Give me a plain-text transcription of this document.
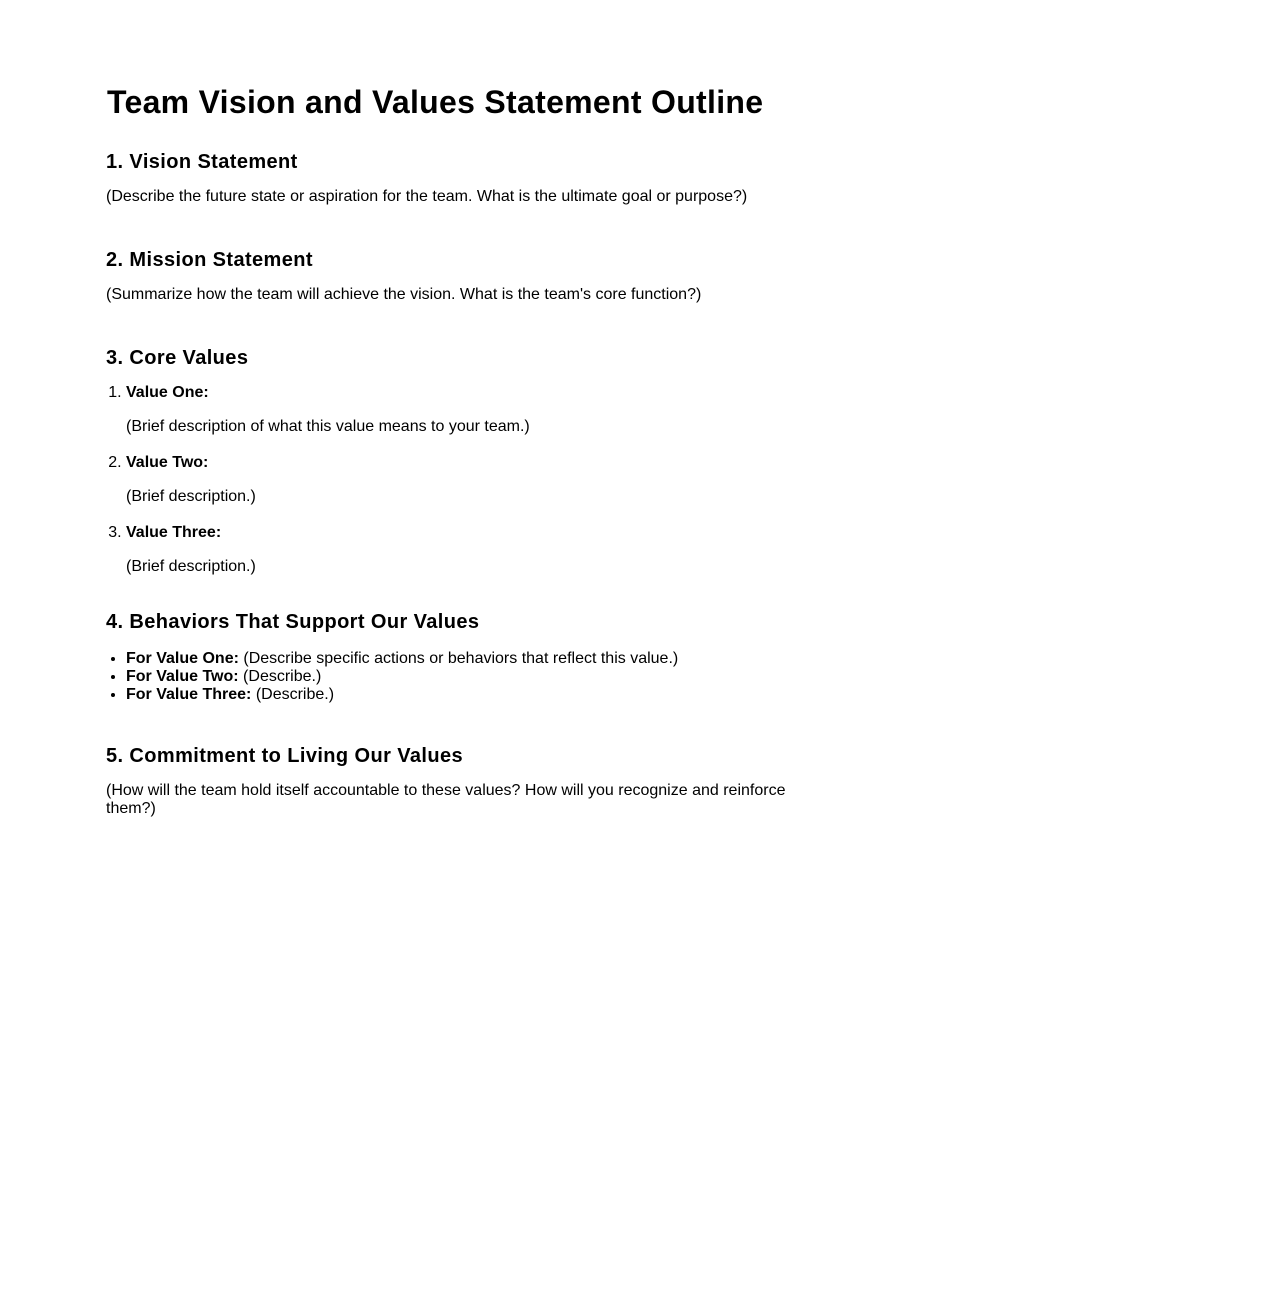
Team Vision and Values Statement Outline
1. Vision Statement

(Describe the future state or aspiration for the team. What is the ultimate goal or purpose?)

2. Mission Statement

(Summarize how the team will achieve the vision. What is the team's core function?)

3. Core Values
1. Value One:

(Brief description of what this value means to your team.)

2. Value Two:

(Brief description.)

3. Value Three:

(Brief description.)

4. Behaviors That Support Our Values
• For Value One: (Describe specific actions or behaviors that reflect this value.)
• For Value Two: (Describe.)
• For Value Three: (Describe.)
5. Commitment to Living Our Values

(How will the team hold itself accountable to these values? How will you recognize and reinforce them?)
